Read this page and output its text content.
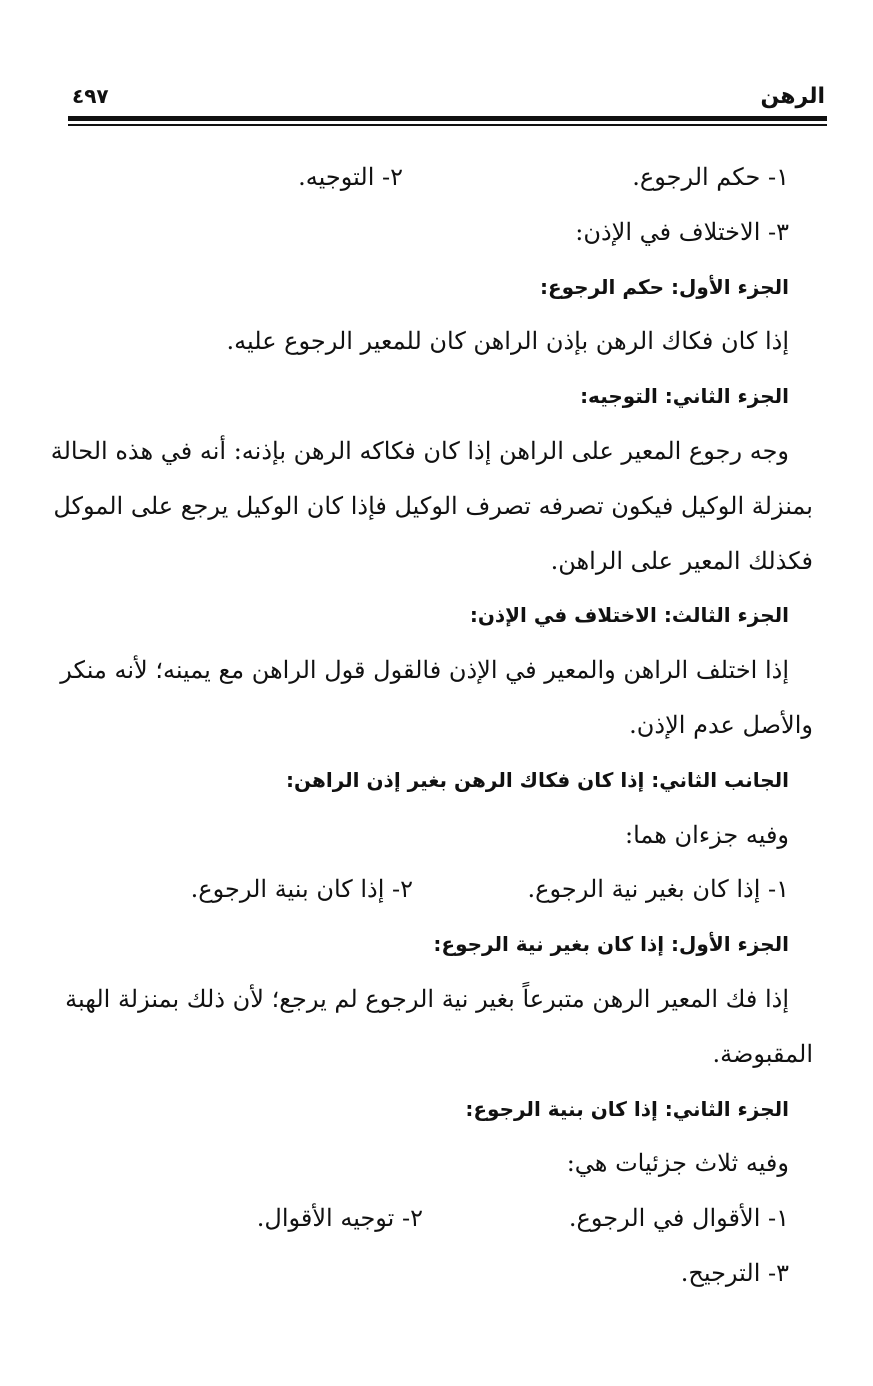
الرهن
٤٩٧
١- حكم الرجوع.
٢- التوجيه.
٣- الاختلاف في الإذن:
الجزء الأول: حكم الرجوع:
إذا كان فكاك الرهن بإذن الراهن كان للمعير الرجوع عليه.
الجزء الثاني: التوجيه:
وجه رجوع المعير على الراهن إذا كان فكاكه الرهن بإذنه: أنه في هذه الحالة
بمنزلة الوكيل فيكون تصرفه تصرف الوكيل فإذا كان الوكيل يرجع على الموكل
فكذلك المعير على الراهن.
الجزء الثالث: الاختلاف في الإذن:
إذا اختلف الراهن والمعير في الإذن فالقول قول الراهن مع يمينه؛ لأنه منكر
والأصل عدم الإذن.
الجانب الثاني: إذا كان فكاك الرهن بغير إذن الراهن:
وفيه جزءان هما:
١- إذا كان بغير نية الرجوع.
٢- إذا كان بنية الرجوع.
الجزء الأول: إذا كان بغير نية الرجوع:
إذا فك المعير الرهن متبرعاً بغير نية الرجوع لم يرجع؛ لأن ذلك بمنزلة الهبة
المقبوضة.
الجزء الثاني: إذا كان بنية الرجوع:
وفيه ثلاث جزئيات هي:
١- الأقوال في الرجوع.
٢- توجيه الأقوال.
٣- الترجيح.
